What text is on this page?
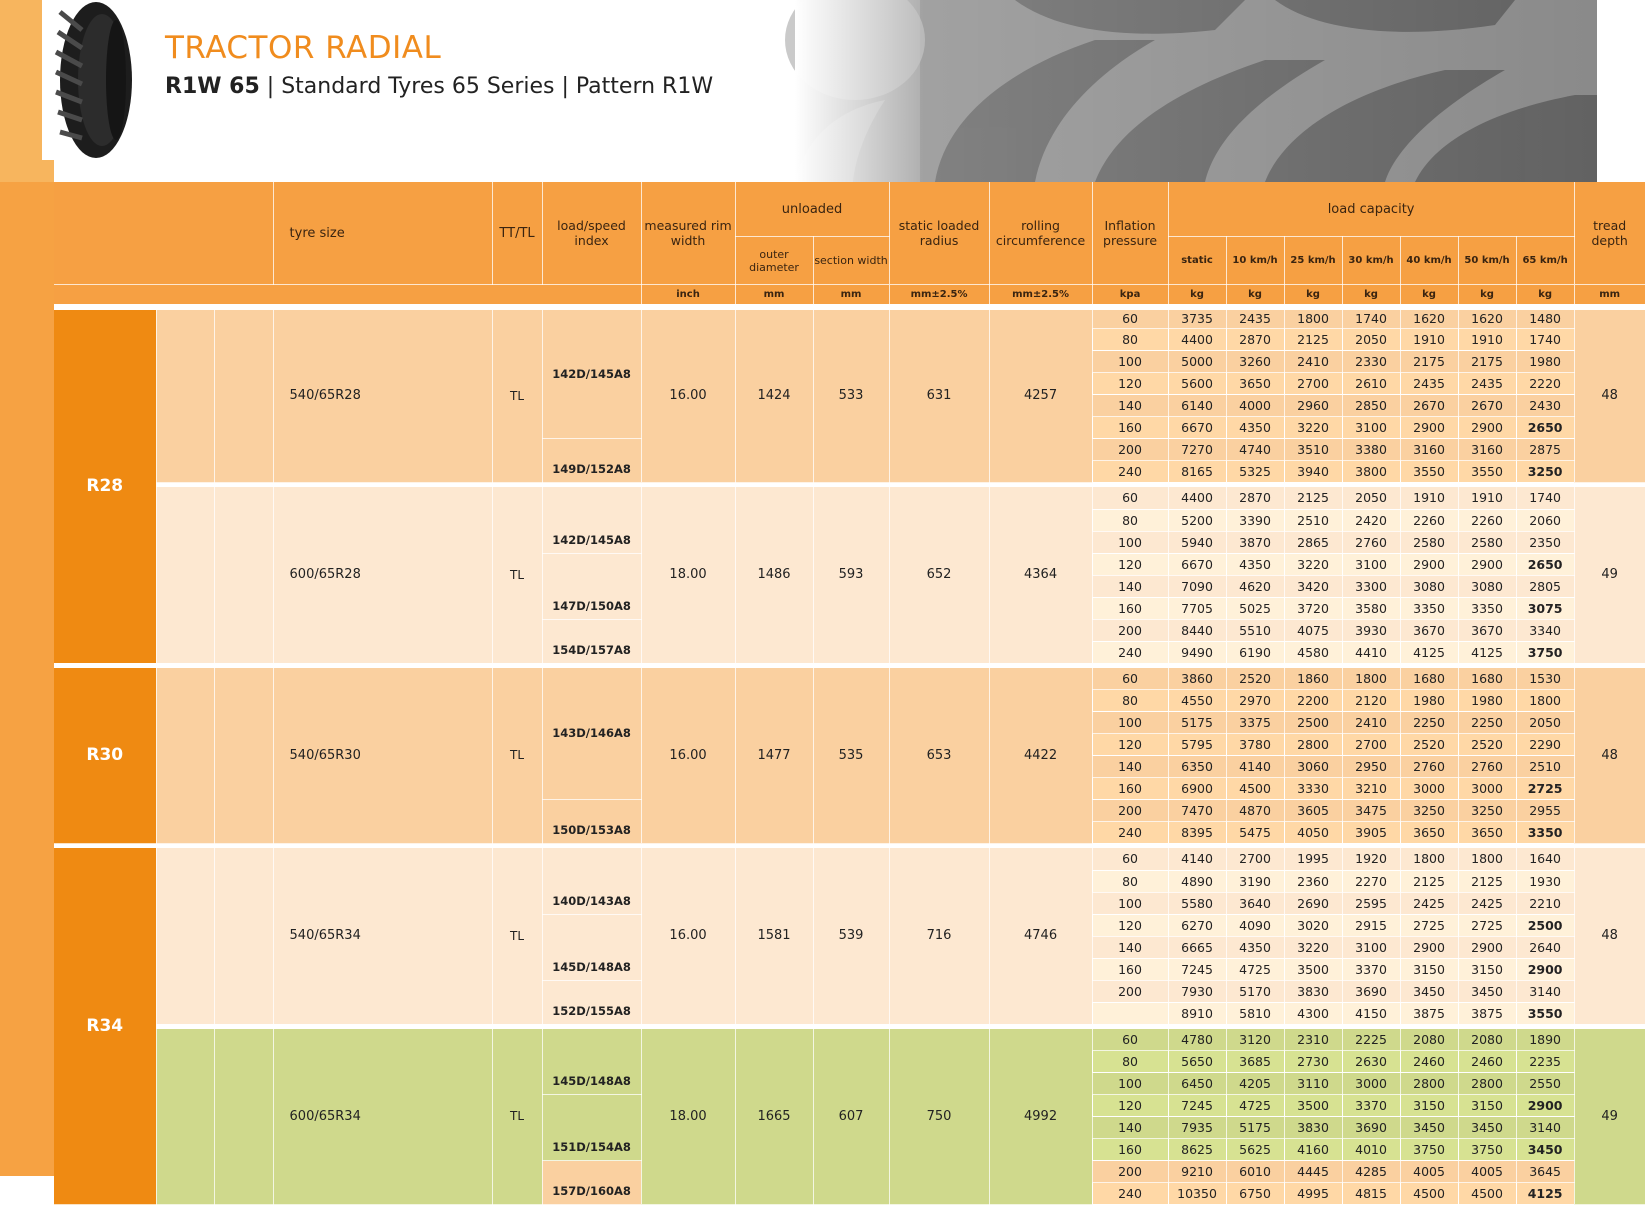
TRACTOR RADIAL
R1W 65 | Standard Tyres 65 Series | Pattern R1W
			tyre size	TT/TL	load/speed index	measured rim width	unloaded		static loaded radius	rolling circumference	Inflation pressure	load capacity							tread depth
							outer diameter	section width				static	10 km/h	25 km/h	30 km/h	40 km/h	50 km/h	65 km/h	
						inch	mm	mm	mm±2.5%	mm±2.5%	kpa	kg	kg	kg	kg	kg	kg	kg	mm
R28			540/65R28	TL	142D/145A8	16.00	1424	533	631	4257	60	3735	2435	1800	1740	1620	1620	1480	48
											80	4400	2870	2125	2050	1910	1910	1740	
											100	5000	3260	2410	2330	2175	2175	1980	
											120	5600	3650	2700	2610	2435	2435	2220	
											140	6140	4000	2960	2850	2670	2670	2430	
											160	6670	4350	3220	3100	2900	2900	2650	
					149D/152A8						200	7270	4740	3510	3380	3160	3160	2875	
											240	8165	5325	3940	3800	3550	3550	3250	

			600/65R28	TL	142D/145A8	18.00	1486	593	652	4364	60	4400	2870	2125	2050	1910	1910	1740	49
											80	5200	3390	2510	2420	2260	2260	2060	
											100	5940	3870	2865	2760	2580	2580	2350	
					147D/150A8						120	6670	4350	3220	3100	2900	2900	2650	
											140	7090	4620	3420	3300	3080	3080	2805	
											160	7705	5025	3720	3580	3350	3350	3075	
					154D/157A8						200	8440	5510	4075	3930	3670	3670	3340	
											240	9490	6190	4580	4410	4125	4125	3750	

R30			540/65R30	TL	143D/146A8	16.00	1477	535	653	4422	60	3860	2520	1860	1800	1680	1680	1530	48
											80	4550	2970	2200	2120	1980	1980	1800	
											100	5175	3375	2500	2410	2250	2250	2050	
											120	5795	3780	2800	2700	2520	2520	2290	
											140	6350	4140	3060	2950	2760	2760	2510	
											160	6900	4500	3330	3210	3000	3000	2725	
					150D/153A8						200	7470	4870	3605	3475	3250	3250	2955	
											240	8395	5475	4050	3905	3650	3650	3350	

R34			540/65R34	TL	140D/143A8	16.00	1581	539	716	4746	60	4140	2700	1995	1920	1800	1800	1640	48
											80	4890	3190	2360	2270	2125	2125	1930	
											100	5580	3640	2690	2595	2425	2425	2210	
					145D/148A8						120	6270	4090	3020	2915	2725	2725	2500	
											140	6665	4350	3220	3100	2900	2900	2640	
											160	7245	4725	3500	3370	3150	3150	2900	
					152D/155A8						200	7930	5170	3830	3690	3450	3450	3140	
												8910	5810	4300	4150	3875	3875	3550	

			600/65R34	TL	145D/148A8	18.00	1665	607	750	4992	60	4780	3120	2310	2225	2080	2080	1890	49
											80	5650	3685	2730	2630	2460	2460	2235	
											100	6450	4205	3110	3000	2800	2800	2550	
					151D/154A8						120	7245	4725	3500	3370	3150	3150	2900	
											140	7935	5175	3830	3690	3450	3450	3140	
											160	8625	5625	4160	4010	3750	3750	3450	
					157D/160A8						200	9210	6010	4445	4285	4005	4005	3645	
											240	10350	6750	4995	4815	4500	4500	4125	
